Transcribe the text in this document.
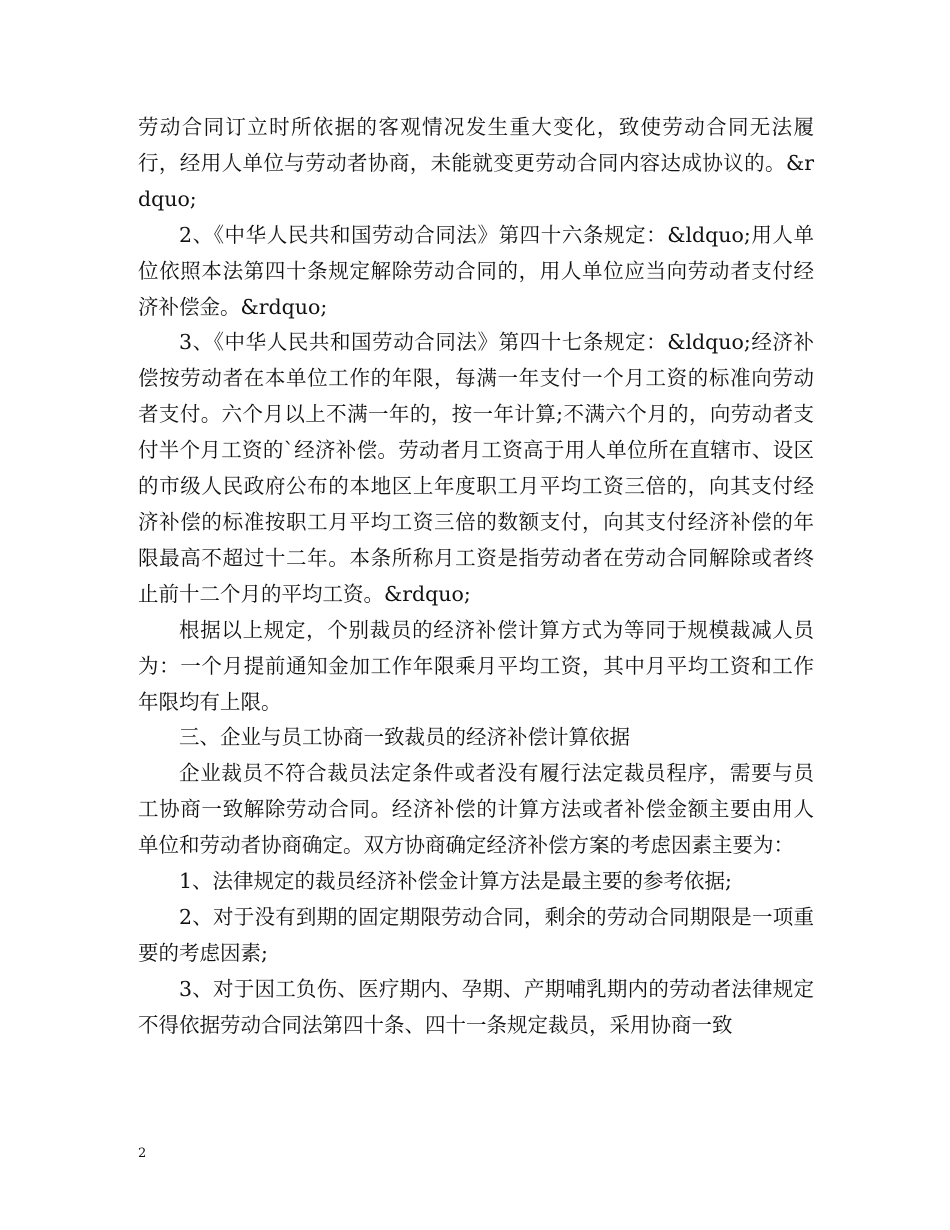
劳动合同订立时所依据的客观情况发生重大变化，致使劳动合同无法履行，经用人单位与劳动者协商，未能就变更劳动合同内容达成协议的。&rdquo;

2、《中华人民共和国劳动合同法》第四十六条规定：&ldquo;用人单位依照本法第四十条规定解除劳动合同的，用人单位应当向劳动者支付经济补偿金。&rdquo;

3、《中华人民共和国劳动合同法》第四十七条规定：&ldquo;经济补偿按劳动者在本单位工作的年限，每满一年支付一个月工资的标准向劳动者支付。六个月以上不满一年的，按一年计算;不满六个月的，向劳动者支付半个月工资的`经济补偿。劳动者月工资高于用人单位所在直辖市、设区的市级人民政府公布的本地区上年度职工月平均工资三倍的，向其支付经济补偿的标准按职工月平均工资三倍的数额支付，向其支付经济补偿的年限最高不超过十二年。本条所称月工资是指劳动者在劳动合同解除或者终止前十二个月的平均工资。&rdquo;

根据以上规定，个别裁员的经济补偿计算方式为等同于规模裁减人员为：一个月提前通知金加工作年限乘月平均工资，其中月平均工资和工作年限均有上限。

三、企业与员工协商一致裁员的经济补偿计算依据

企业裁员不符合裁员法定条件或者没有履行法定裁员程序，需要与员工协商一致解除劳动合同。经济补偿的计算方法或者补偿金额主要由用人单位和劳动者协商确定。双方协商确定经济补偿方案的考虑因素主要为：

1、法律规定的裁员经济补偿金计算方法是最主要的参考依据;

2、对于没有到期的固定期限劳动合同，剩余的劳动合同期限是一项重要的考虑因素;

3、对于因工负伤、医疗期内、孕期、产期哺乳期内的劳动者法律规定不得依据劳动合同法第四十条、四十一条规定裁员，采用协商一致

2
